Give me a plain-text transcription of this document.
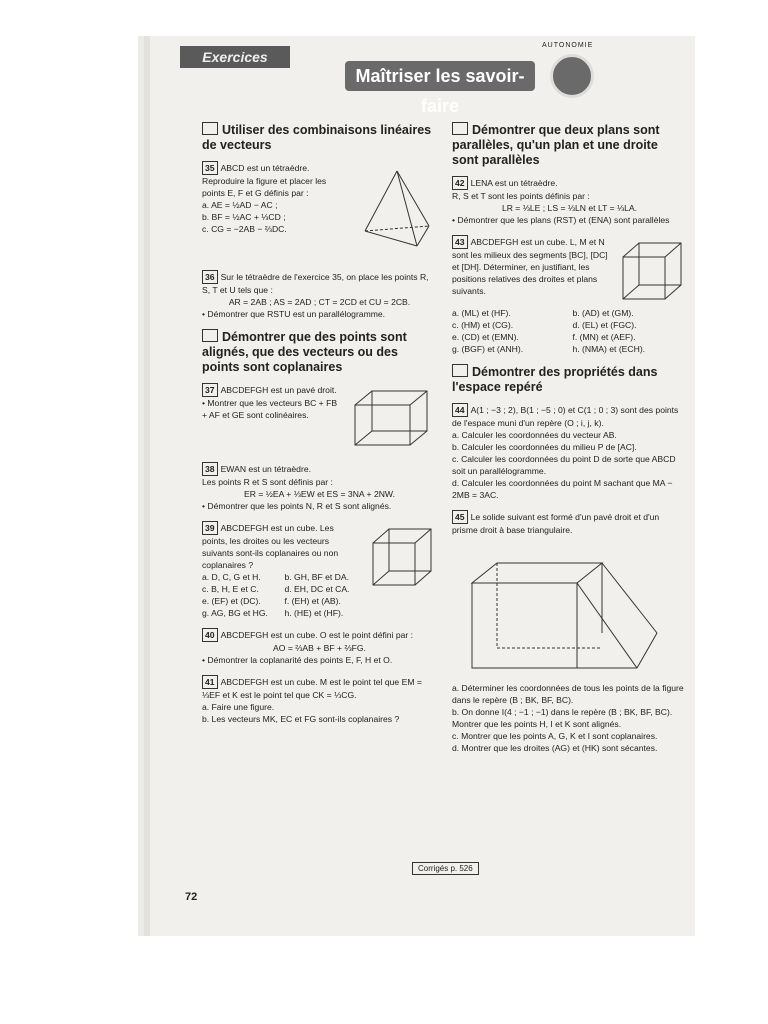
Exercices
AUTONOMIE
Maîtriser les savoir-faire
Utiliser des combinaisons linéaires de vecteurs
35 ABCD est un tétraèdre. Reproduire la figure et placer les points E, F et G définis par :
a. AE = ½AD − AC ;
b. BF = ½AC + ⅓CD ;
c. CG = −2AB − ⅔DC.
36 Sur le tétraèdre de l'exercice 35, on place les points R, S, T et U tels que :
AR = 2AB ; AS = 2AD ; CT = 2CD et CU = 2CB.
• Démontrer que RSTU est un parallélogramme.
Démontrer que des points sont alignés, que des vecteurs ou des points sont coplanaires
37 ABCDEFGH est un pavé droit.
• Montrer que les vecteurs BC + FB + AF et GE sont colinéaires.
38 EWAN est un tétraèdre.
Les points R et S sont définis par :
ER = ½EA + ⅓EW et ES = 3NA + 2NW.
• Démontrer que les points N, R et S sont alignés.
39 ABCDEFGH est un cube. Les points, les droites ou les vecteurs suivants sont-ils coplanaires ou non coplanaires ?
a. D, C, G et H.	b. GH, BF et DA.
c. B, H, E et C.	d. EH, DC et CA.
e. (EF) et (DC).	f. (EH) et (AB).
g. AG, BG et HG.	h. (HE) et (HF).
40 ABCDEFGH est un cube. O est le point défini par :
AO = ⅔AB + BF + ⅔FG.
• Démontrer la coplanarité des points E, F, H et O.
41 ABCDEFGH est un cube. M est le point tel que EM = ⅓EF et K est le point tel que CK = ⅓CG.
a. Faire une figure.
b. Les vecteurs MK, EC et FG sont-ils coplanaires ?
Démontrer que deux plans sont parallèles, qu'un plan et une droite sont parallèles
42 LENA est un tétraèdre.
R, S et T sont les points définis par :
LR = ⅓LE ; LS = ⅓LN et LT = ⅓LA.
• Démontrer que les plans (RST) et (ENA) sont parallèles
43 ABCDEFGH est un cube. L, M et N sont les milieux des segments [BC], [DC] et [DH]. Déterminer, en justifiant, les positions relatives des droites et plans suivants.
a. (ML) et (HF).	b. (AD) et (GM).
c. (HM) et (CG).	d. (EL) et (FGC).
e. (CD) et (EMN).	f. (MN) et (AEF).
g. (BGF) et (ANH).	h. (NMA) et (ECH).
Démontrer des propriétés dans l'espace repéré
44 A(1 ; −3 ; 2), B(1 ; −5 ; 0) et C(1 ; 0 ; 3) sont des points de l'espace muni d'un repère (O ; i, j, k).
a. Calculer les coordonnées du vecteur AB.
b. Calculer les coordonnées du milieu P de [AC].
c. Calculer les coordonnées du point D de sorte que ABCD soit un parallélogramme.
d. Calculer les coordonnées du point M sachant que MA − 2MB = 3AC.
45 Le solide suivant est formé d'un pavé droit et d'un prisme droit à base triangulaire.
a. Déterminer les coordonnées de tous les points de la figure dans le repère (B ; BK, BF, BC).
b. On donne I(4 ; −1 ; −1) dans le repère (B ; BK, BF, BC). Montrer que les points H, I et K sont alignés.
c. Montrer que les points A, G, K et I sont coplanaires.
d. Montrer que les droites (AG) et (HK) sont sécantes.
Corrigés p. 526
72
